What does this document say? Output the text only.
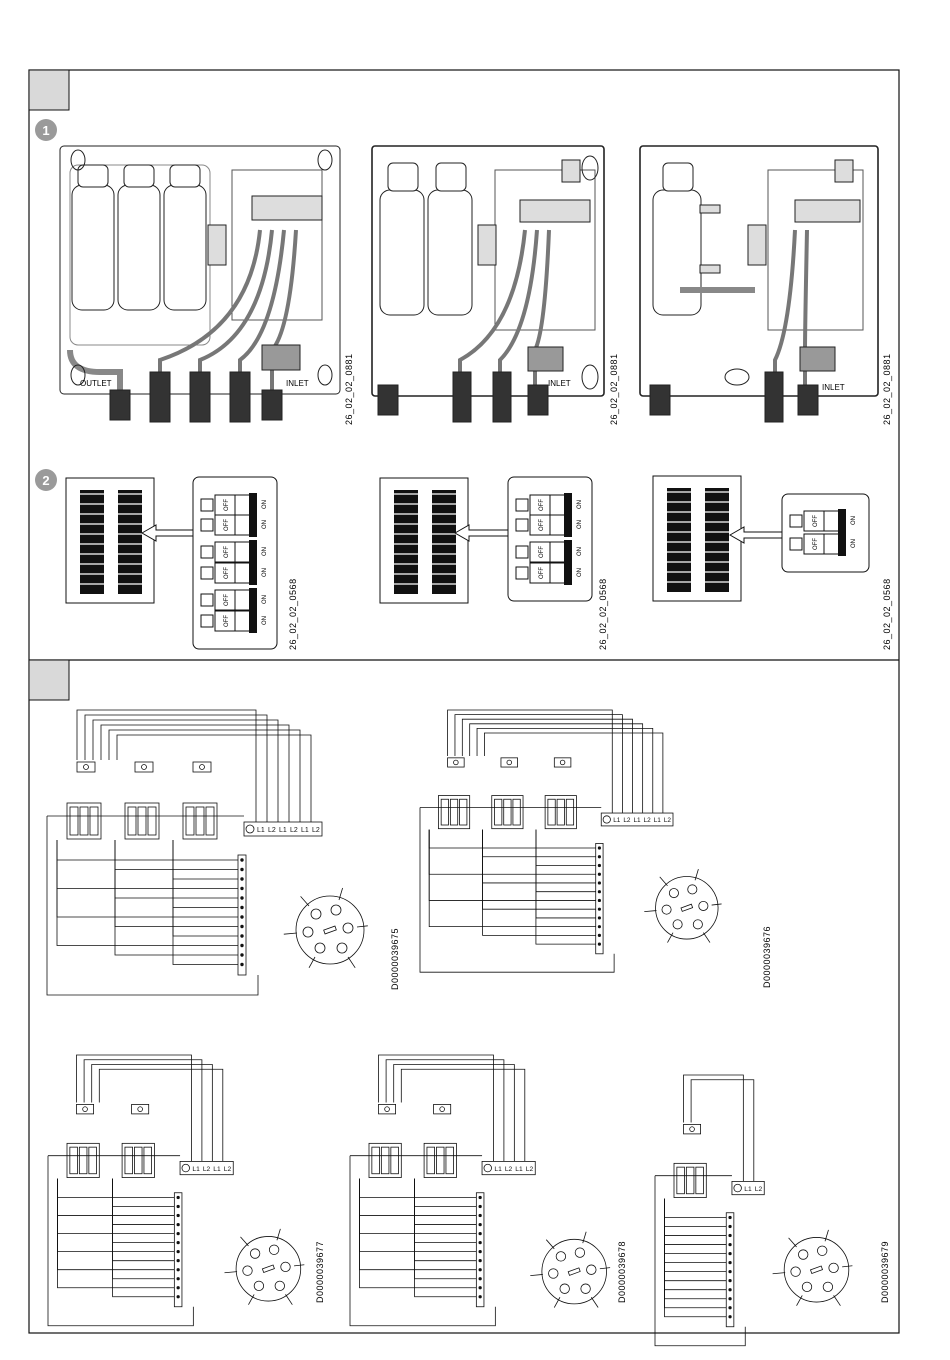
1
2
OUTLET	INLET	26_02_02_0881	INLET	26_02_02_0881	INLET	26_02_02_0881
OFF	ON
OFF	ON
OFF	ON
OFF	ON
OFF	ON
OFF	ON
OFF	ON
OFF	ON
OFF	ON
OFF	ON
OFF	ON
OFF	ON
26_02_02_0568	26_02_02_0568	26_02_02_0568
L1 L2 L1 L2 L1 L2
L1 L2 L1 L2 L1 L2
L1 L2 L1 L2	L1 L2 L1 L2
L1 L2
D0000039675	D0000039676
D0000039677	D0000039678	D0000039679
